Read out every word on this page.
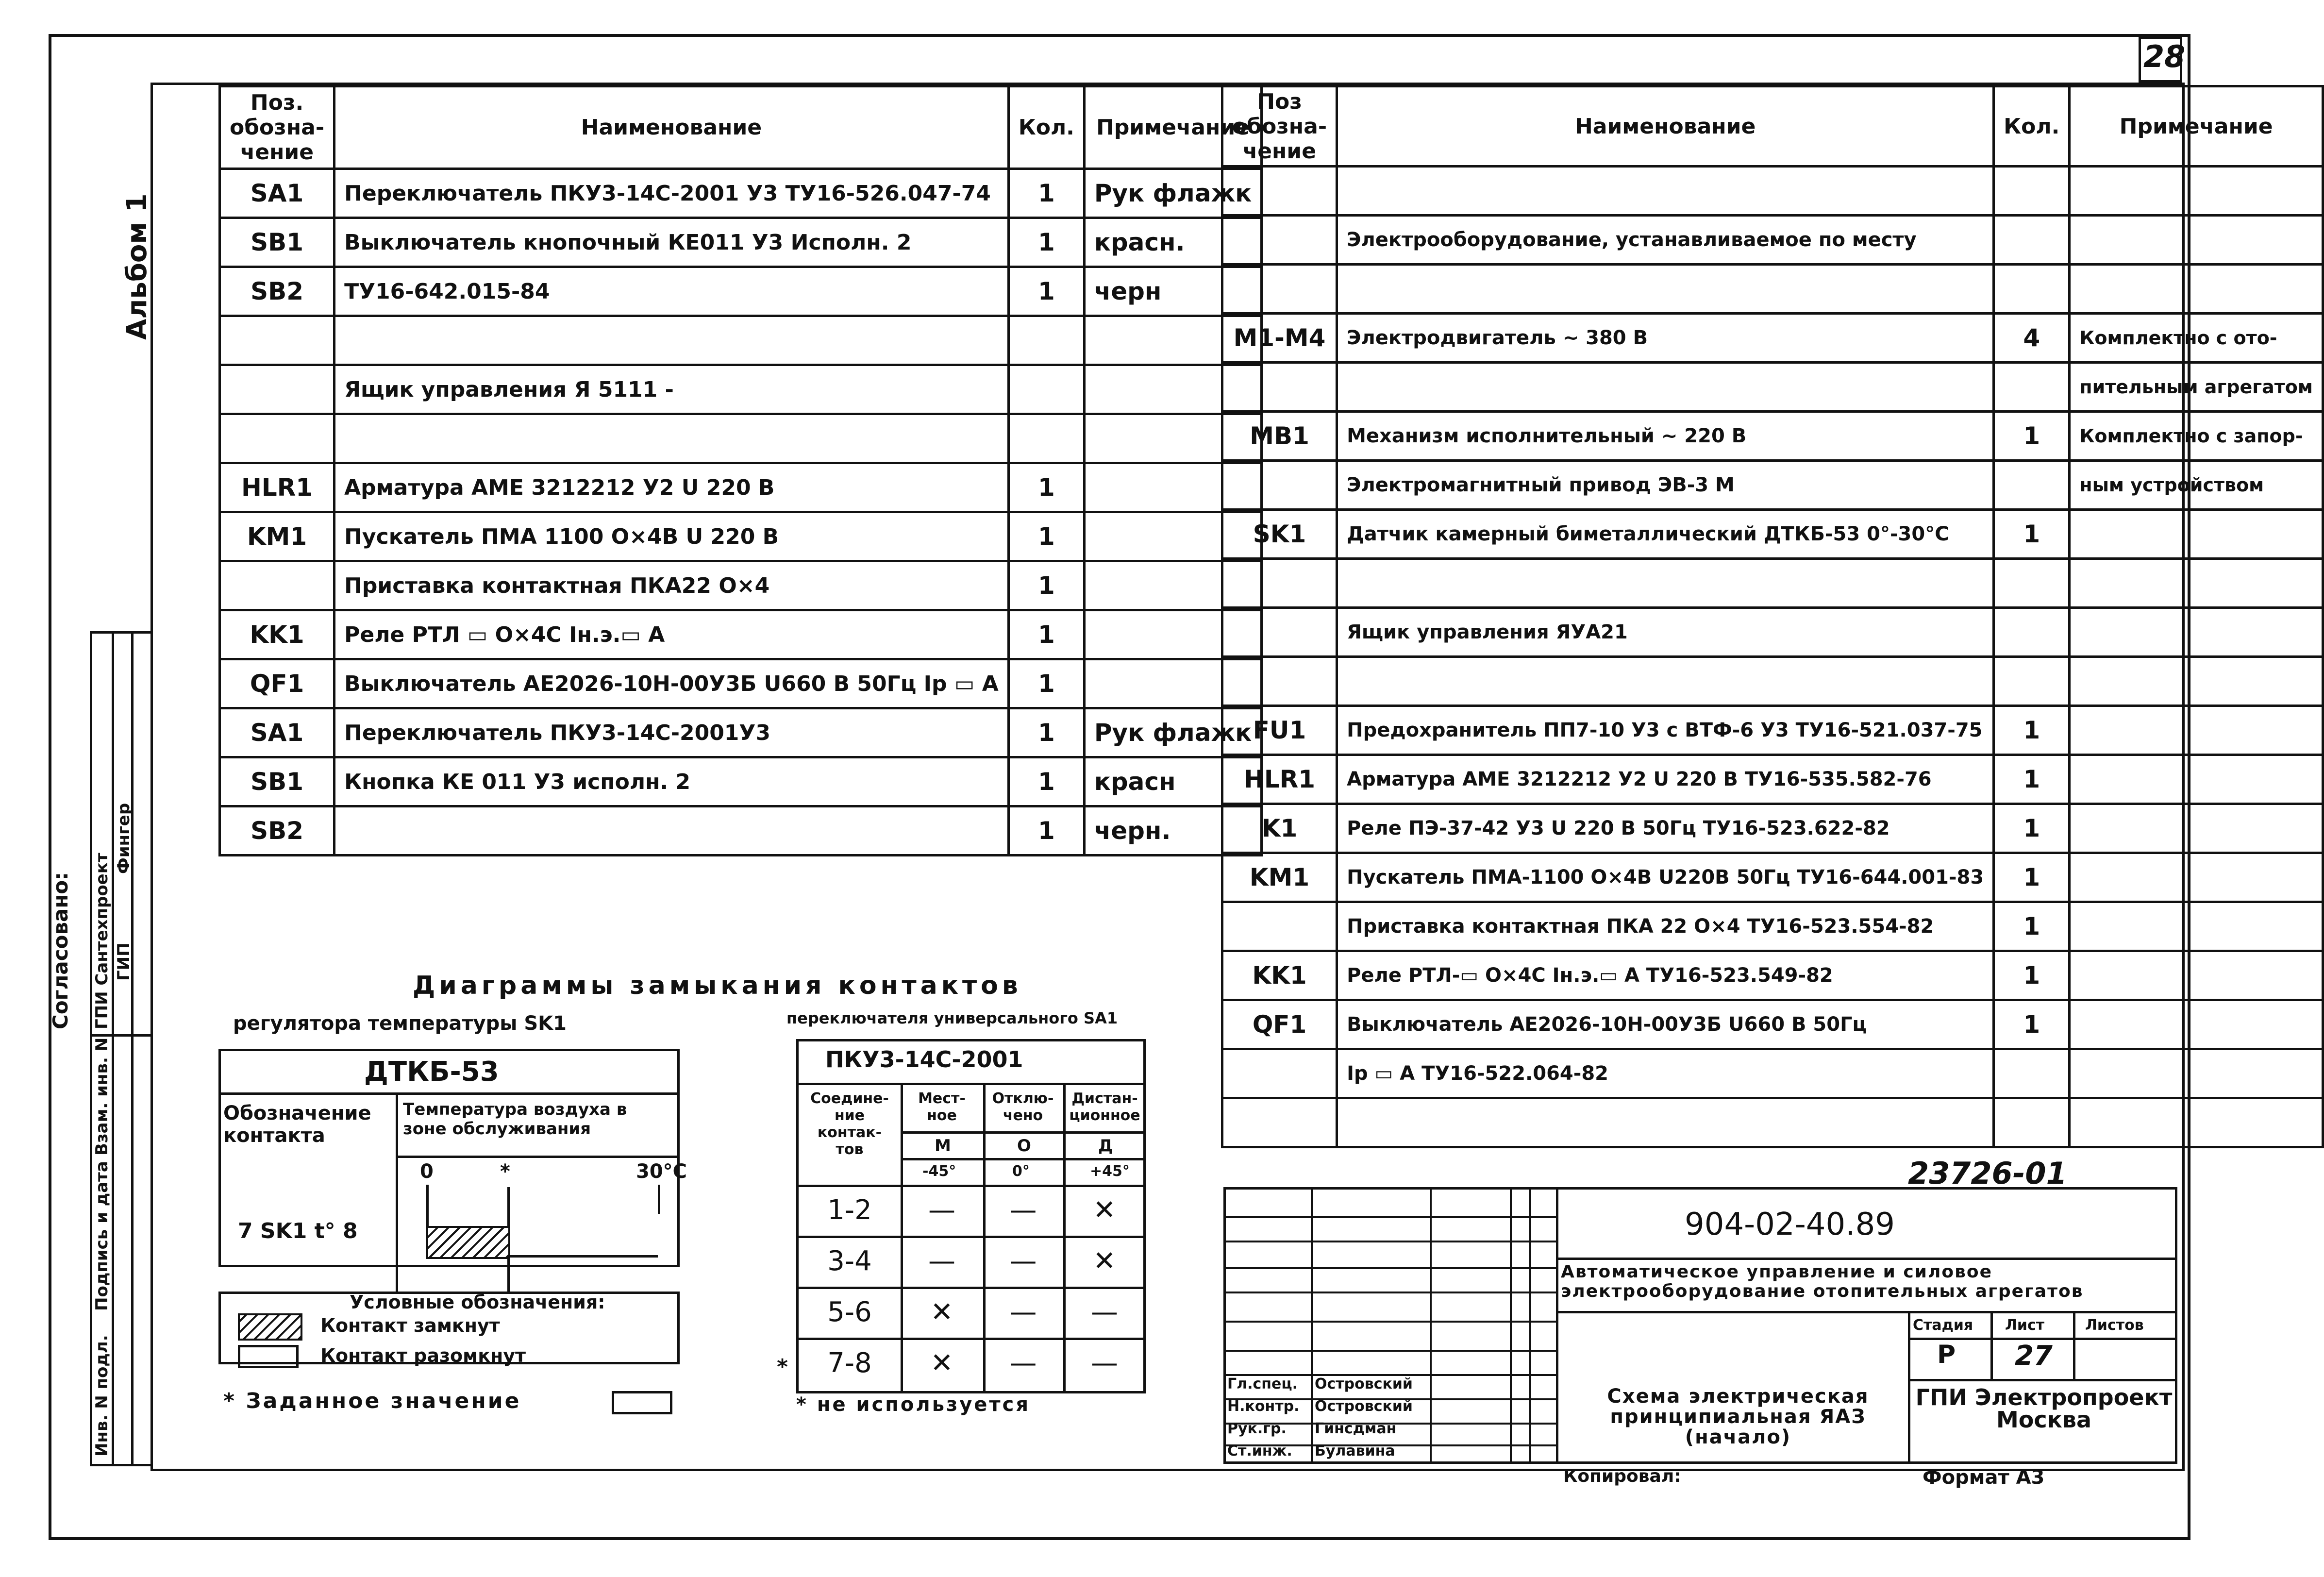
28
Альбом 1
Согласовано: ГПИ Сантехпроект ГИП
Фингер
Инв. N подл.
Подпись и дата
Взам. инв. N
Поз. обозна- чение	Наименование	Кол.	Примечание
SA1	Переключатель ПКУ3-14С-2001 У3 ТУ16-526.047-74	1	Рук флажк
SB1	Выключатель кнопочный КЕ011 У3 Исполн. 2	1	красн.
SB2	ТУ16-642.015-84	1	черн

	Ящик управления Я 5111 -		

HLR1	Арматура АМЕ 3212212 У2 U 220 В	1	
KM1	Пускатель ПМА 1100 О×4В U 220 В	1	
	Приставка контактная ПКА22 О×4	1	
KK1	Реле РТЛ ▭ О×4С Iн.э.▭ А	1	
QF1	Выключатель АЕ2026-10Н-00У3Б U660 В 50Гц Iр ▭ А	1	
SA1	Переключатель ПКУ3-14С-2001У3	1	Рук флажк
SB1	Кнопка КЕ 011 У3 исполн. 2	1	красн
SB2		1	черн.
Поз обозна- чение	Наименование	Кол.	Примечание

	Электрооборудование, устанавливаемое по месту		

M1-M4	Электродвигатель ~ 380 В	4	Комплектно с ото-
			пительным агрегатом
MB1	Механизм исполнительный ~ 220 В	1	Комплектно с запор-
	Электромагнитный привод ЭВ-3 М		ным устройством
SK1	Датчик камерный биметаллический ДТКБ-53 0°-30°С	1	

	Ящик управления ЯУА21		

FU1	Предохранитель ПП7-10 У3 с ВТФ-6 У3 ТУ16-521.037-75	1	
HLR1	Арматура АМЕ 3212212 У2 U 220 В ТУ16-535.582-76	1	
K1	Реле ПЭ-37-42 У3 U 220 В 50Гц ТУ16-523.622-82	1	
KM1	Пускатель ПМА-1100 О×4В U220В 50Гц ТУ16-644.001-83	1	
	Приставка контактная ПКА 22 О×4 ТУ16-523.554-82	1	
KK1	Реле РТЛ-▭ О×4С Iн.э.▭ А ТУ16-523.549-82	1	
QF1	Выключатель АЕ2026-10Н-00У3Б U660 В 50Гц	1	
	Iр ▭ А ТУ16-522.064-82		

Диаграммы замыкания контактов
регулятора температуры SK1	переключателя универсального SA1
ДТКБ-53
Обозначение контакта
Температура воздуха в зоне обслуживания
0	*	30°С
7 SK1 t° 8
Условные обозначения:
Контакт замкнут
Контакт разомкнут
* Заданное значение
ПКУ3-14С-2001
Соедине- ние контак- тов
Мест- ное
Отклю- чено
Дистан- ционное
М	О	Д
-45°	0°	+45°
1-2	—	—	✕
3-4	—	—	✕
5-6	✕	—	—
7-8	✕	—	—
*
* не используется
23726-01
904-02-40.89
Автоматическое управление и силовое электрооборудование отопительных агрегатов
Стадия Лист	Листов
Р 27
Схема электрическая принципиальная ЯАЗ (начало)
ГПИ Электропроект Москва
Гл.спец. Островский
Н.контр. Островский
Рук.гр. Гинсдман
Ст.инж. Булавина
Копировал:	Формат А3
